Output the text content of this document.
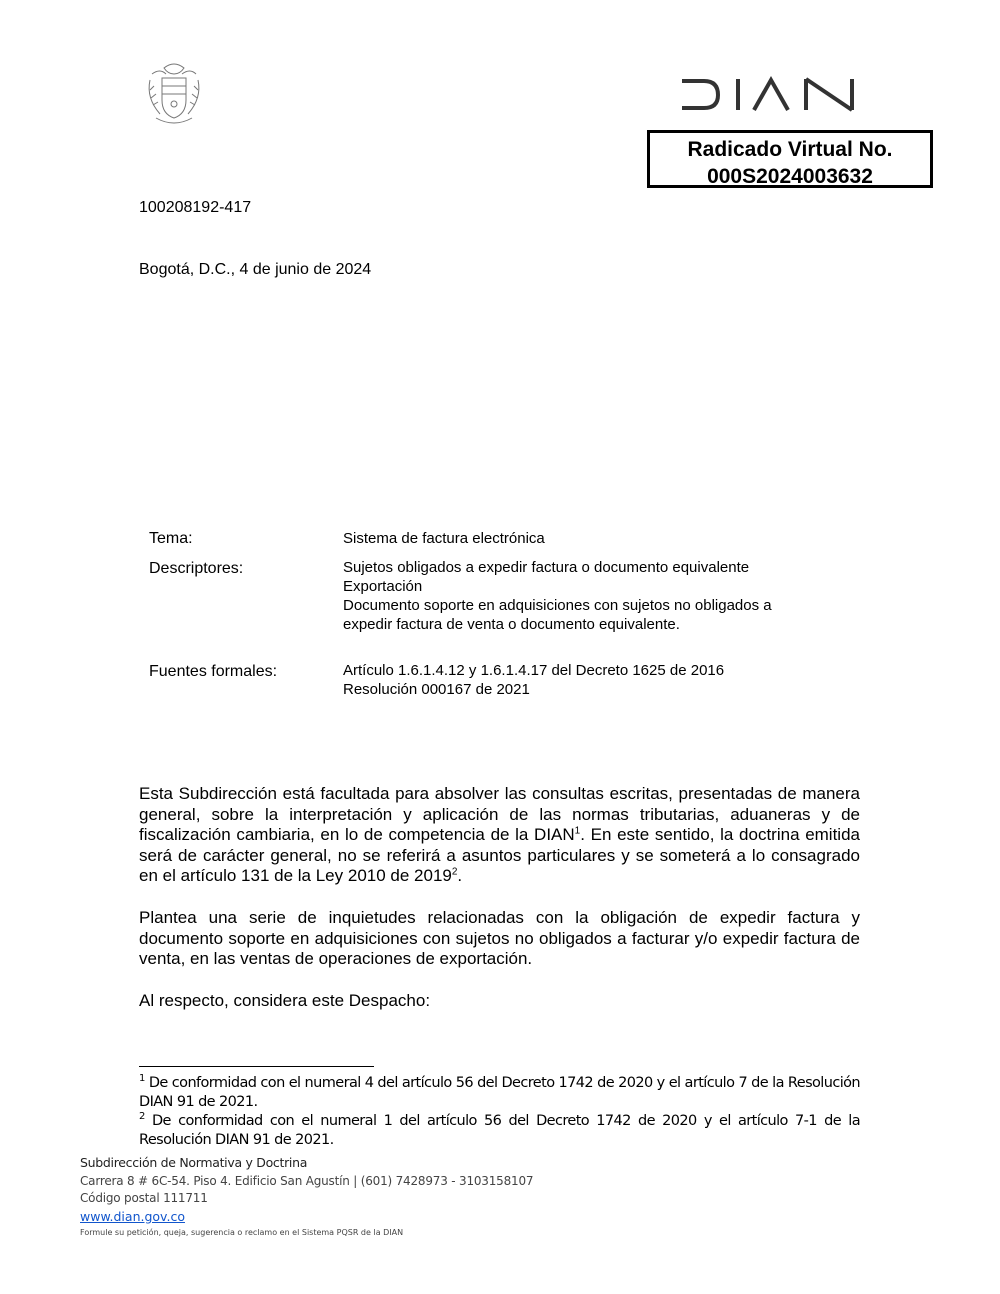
Radicado Virtual No.
000S2024003632
100208192-417
Bogotá, D.C., 4 de junio de 2024
Tema:	Sistema de factura electrónica
Descriptores:	Sujetos obligados a expedir factura o documento equivalente
Exportación
Documento soporte en adquisiciones con sujetos no obligados a
expedir factura de venta o documento equivalente.
Fuentes formales:	Artículo 1.6.1.4.12 y 1.6.1.4.17 del Decreto 1625 de 2016
Resolución 000167 de 2021
Esta Subdirección está facultada para absolver las consultas escritas, presentadas de manera general, sobre la interpretación y aplicación de las normas tributarias, aduaneras y de fiscalización cambiaria, en lo de competencia de la DIAN$^1$. En este sentido, la doctrina emitida será de carácter general, no se referirá a asuntos particulares y se someterá a lo consagrado en el artículo 131 de la Ley 2010 de 2019$^2$.
Plantea una serie de inquietudes relacionadas con la obligación de expedir factura y documento soporte en adquisiciones con sujetos no obligados a facturar y/o expedir factura de venta, en las ventas de operaciones de exportación.
Al respecto, considera este Despacho:
$^1$ De conformidad con el numeral 4 del artículo 56 del Decreto 1742 de 2020 y el artículo 7 de la Resolución DIAN 91 de 2021.
$^2$ De conformidad con el numeral 1 del artículo 56 del Decreto 1742 de 2020 y el artículo 7-1 de la Resolución DIAN 91 de 2021.
Subdirección de Normativa y Doctrina
Carrera 8 # 6C-54. Piso 4. Edificio San Agustín | (601) 7428973 - 3103158107
Código postal 111711
www.dian.gov.co
Formule su petición, queja, sugerencia o reclamo en el Sistema PQSR de la DIAN
